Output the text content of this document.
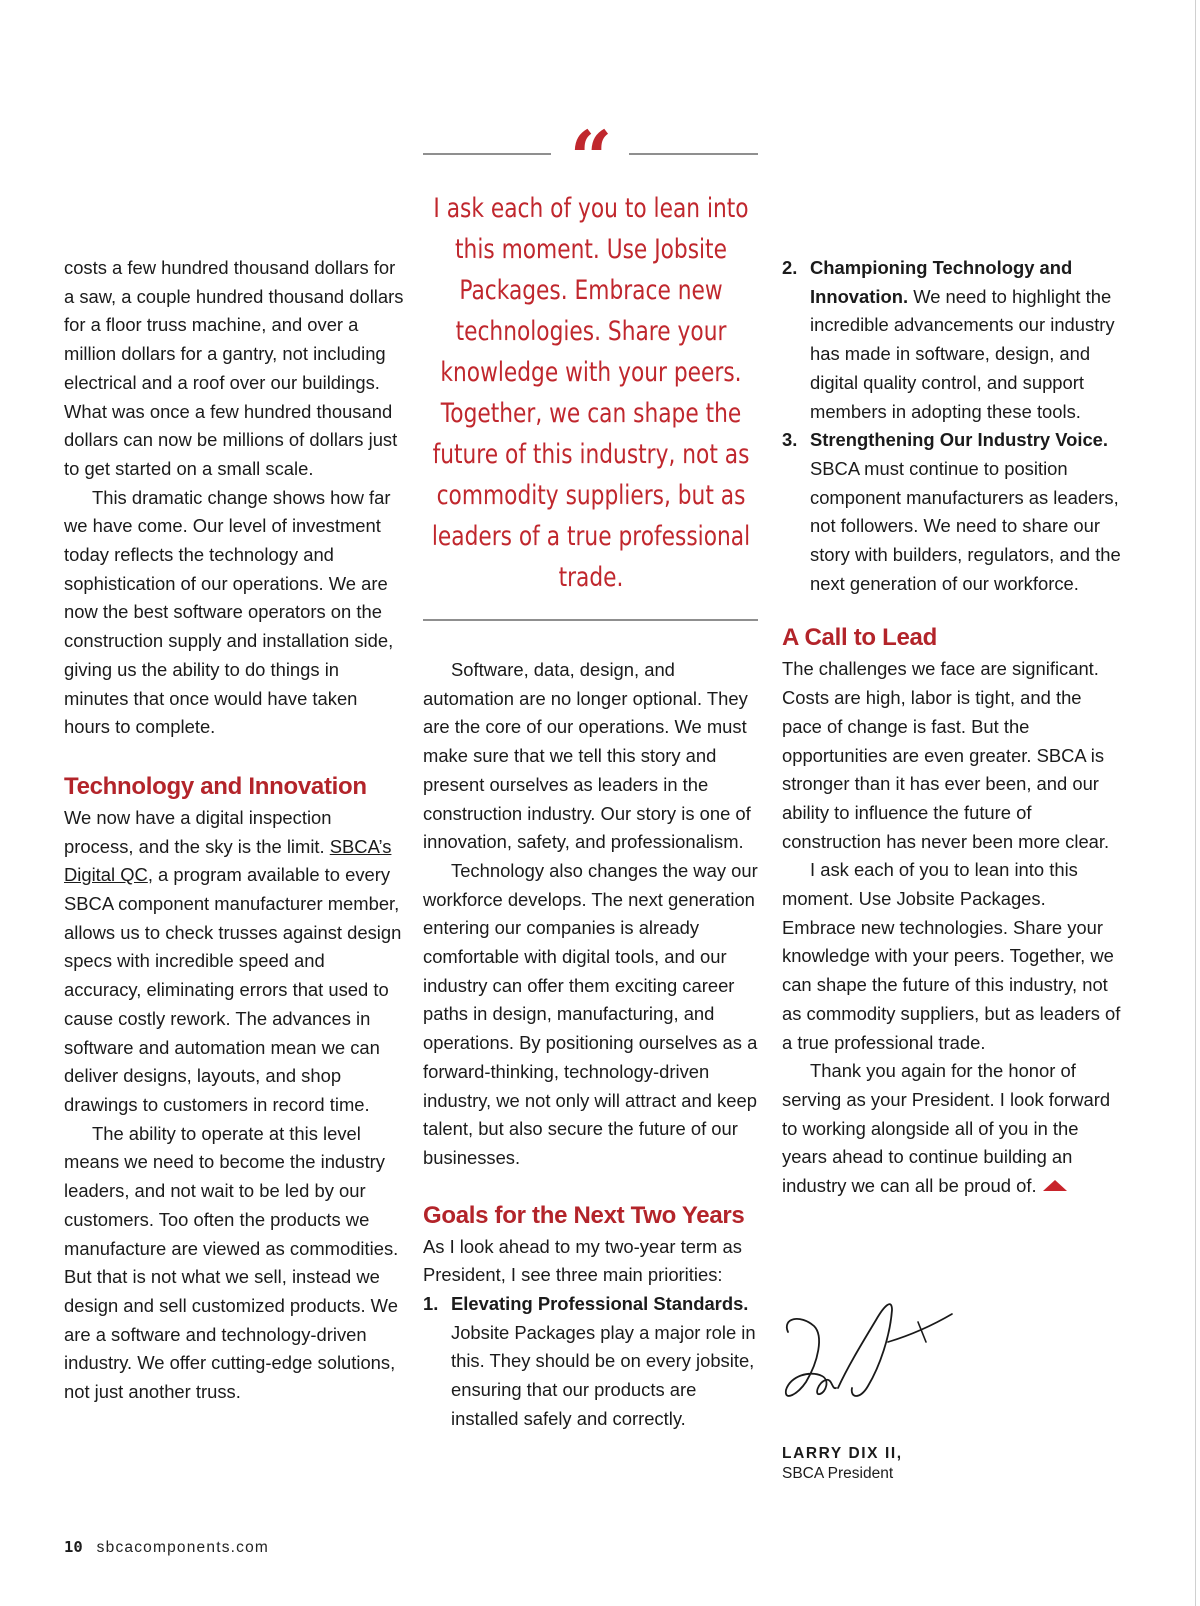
“
I ask each of you to lean into this moment. Use Jobsite Packages. Embrace new technologies. Share your knowledge with your peers. Together, we can shape the future of this industry, not as commodity suppliers, but as leaders of a true professional trade.

costs a few hundred thousand dollars for a saw, a couple hundred thousand dollars for a floor truss machine, and over a million dollars for a gantry, not including electrical and a roof over our buildings. What was once a few hundred thousand dollars can now be millions of dollars just to get started on a small scale.

This dramatic change shows how far we have come. Our level of investment today reflects the technology and sophistication of our operations. We are now the best software operators on the construction supply and installation side, giving us the ability to do things in minutes that once would have taken hours to complete.

Technology and Innovation

We now have a digital inspection process, and the sky is the limit. SBCA’s Digital QC, a program available to every SBCA component manufacturer member, allows us to check trusses against design specs with incredible speed and accuracy, eliminating errors that used to cause costly rework. The advances in software and automation mean we can deliver designs, layouts, and shop drawings to customers in record time.

The ability to operate at this level means we need to become the industry leaders, and not wait to be led by our customers. Too often the products we manufacture are viewed as commodities. But that is not what we sell, instead we design and sell customized products. We are a software and technology-driven industry. We offer cutting-edge solutions, not just another truss.

Software, data, design, and automation are no longer optional. They are the core of our operations. We must make sure that we tell this story and present ourselves as leaders in the construction industry. Our story is one of innovation, safety, and professionalism.

Technology also changes the way our workforce develops. The next generation entering our companies is already comfortable with digital tools, and our industry can offer them exciting career paths in design, manufacturing, and operations. By positioning ourselves as a forward-thinking, technology-driven industry, we not only will attract and keep talent, but also secure the future of our businesses.

Goals for the Next Two Years

As I look ahead to my two-year term as President, I see three main priorities:

1. Elevating Professional Standards. Jobsite Packages play a major role in this. They should be on every jobsite, ensuring that our products are installed safely and correctly.
2. Championing Technology and Innovation. We need to highlight the incredible advancements our industry has made in software, design, and digital quality control, and support members in adopting these tools.
3. Strengthening Our Industry Voice. SBCA must continue to position component manufacturers as leaders, not followers. We need to share our story with builders, regulators, and the next generation of our workforce.
A Call to Lead

The challenges we face are significant. Costs are high, labor is tight, and the pace of change is fast. But the opportunities are even greater. SBCA is stronger than it has ever been, and our ability to influence the future of construction has never been more clear.

I ask each of you to lean into this moment. Use Jobsite Packages. Embrace new technologies. Share your knowledge with your peers. Together, we can shape the future of this industry, not as commodity suppliers, but as leaders of a true professional trade.

Thank you again for the honor of serving as your President. I look forward to working alongside all of you in the years ahead to continue building an industry we can all be proud of.

LARRY DIX II,
SBCA President
10 sbcacomponents.com
